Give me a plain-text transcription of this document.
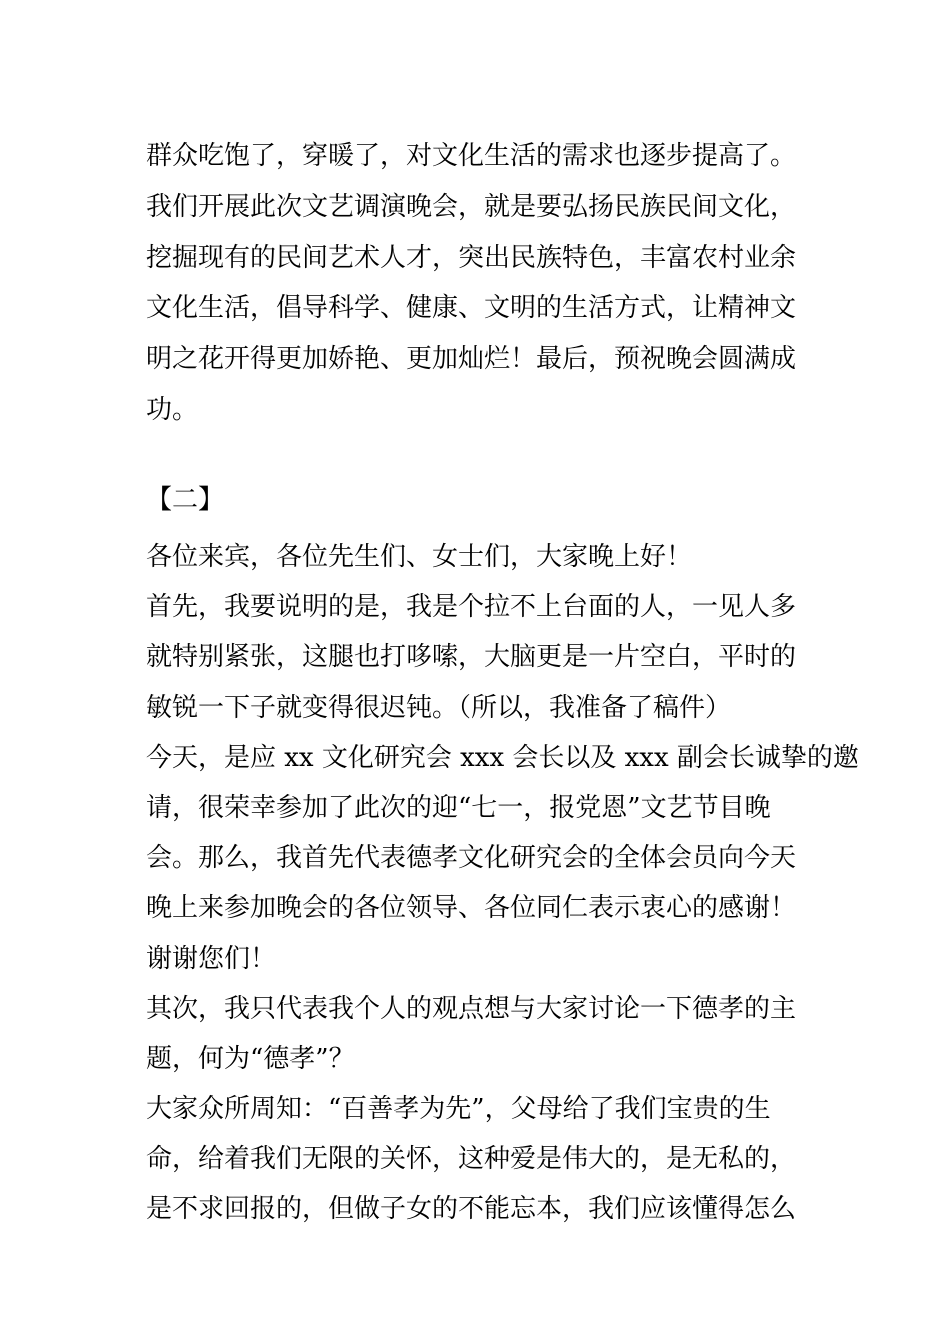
群众吃饱了，穿暖了，对文化生活的需求也逐步提高了。
我们开展此次文艺调演晚会，就是要弘扬民族民间文化，
挖掘现有的民间艺术人才，突出民族特色，丰富农村业余
文化生活，倡导科学、健康、文明的生活方式，让精神文
明之花开得更加娇艳、更加灿烂！最后，预祝晚会圆满成
功。
【二】
各位来宾，各位先生们、女士们，大家晚上好！
首先，我要说明的是，我是个拉不上台面的人，一见人多
就特别紧张，这腿也打哆嗦，大脑更是一片空白，平时的
敏锐一下子就变得很迟钝。（所以，我准备了稿件）
今天，是应 xx 文化研究会 xxx 会长以及 xxx 副会长诚挚的邀
请，很荣幸参加了此次的迎“七一，报党恩”文艺节目晚
会。那么，我首先代表德孝文化研究会的全体会员向今天
晚上来参加晚会的各位领导、各位同仁表示衷心的感谢！
谢谢您们！
其次，我只代表我个人的观点想与大家讨论一下德孝的主
题，何为“德孝”？
大家众所周知：“百善孝为先”，父母给了我们宝贵的生
命，给着我们无限的关怀，这种爱是伟大的，是无私的，
是不求回报的，但做子女的不能忘本，我们应该懂得怎么
